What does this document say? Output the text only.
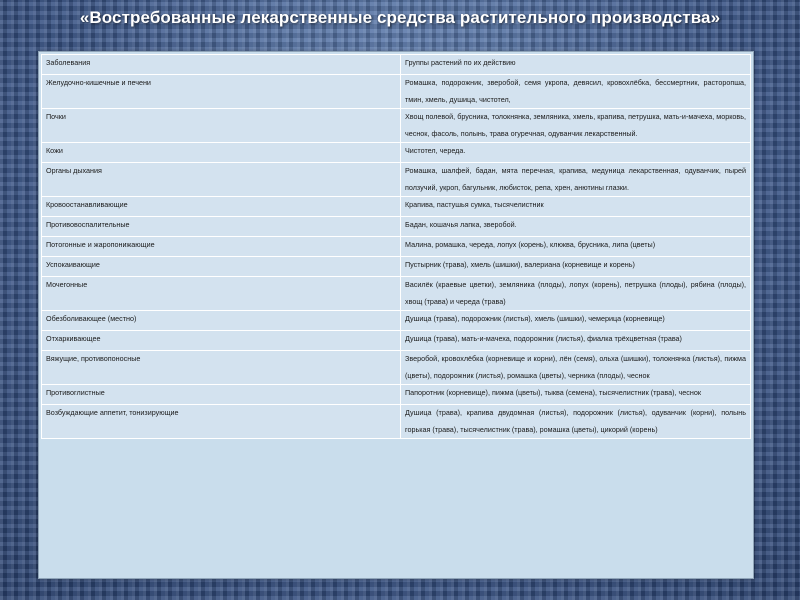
«Востребованные лекарственные средства растительного производства»
Заболевания	Группы растений по их действию
Желудочно-кишечные и печени	Ромашка, подорожник, зверобой, семя укропа, девясил, кровохлёбка, бессмертник, расторопша, тмин, хмель, душица, чистотел,
Почки	Хвощ полевой, брусника, толокнянка, земляника, хмель, крапива, петрушка, мать-и-мачеха, морковь, чеснок, фасоль, полынь, трава огуречная, одуванчик лекарственный.
Кожи	Чистотел, череда.
Органы дыхания	Ромашка, шалфей, бадан, мята перечная, крапива, медуница лекарственная, одуванчик, пырей ползучий, укроп, багульник, любисток, репа, хрен, анютины глазки.
Кровоостанавливающие	Крапива, пастушья сумка, тысячелистник
Противовоспалительные	Бадан, кошачья лапка, зверобой.
Потогонные и жаропонижающие	Малина, ромашка, череда, лопух (корень), клюква, брусника, липа (цветы)
Успокаивающие	Пустырник (трава), хмель (шишки), валериана (корневище и корень)
Мочегонные	Василёк (краевые цветки), земляника (плоды), лопух (корень), петрушка (плоды), рябина (плоды), хвощ (трава) и череда (трава)
Обезболивающее (местно)	Душица (трава), подорожник (листья), хмель (шишки), чемерица (корневище)
Отхаркивающее	Душица (трава), мать-и-мачеха, подорожник (листья), фиалка трёхцветная (трава)
Вяжущие, противопоносные	Зверобой, кровохлёбка (корневище и корни), лён (семя), ольха (шишки), толокнянка (листья), пижма (цветы), подорожник (листья), ромашка (цветы), черника (плоды), чеснок
Противоглистные	Папоротник (корневище), пижма (цветы), тыква (семена), тысячелистник (трава), чеснок
Возбуждающие аппетит, тонизирующие	Душица (трава), крапива двудомная (листья), подорожник (листья), одуванчик (корни), полынь горькая (трава), тысячелистник (трава), ромашка (цветы), цикорий (корень)
